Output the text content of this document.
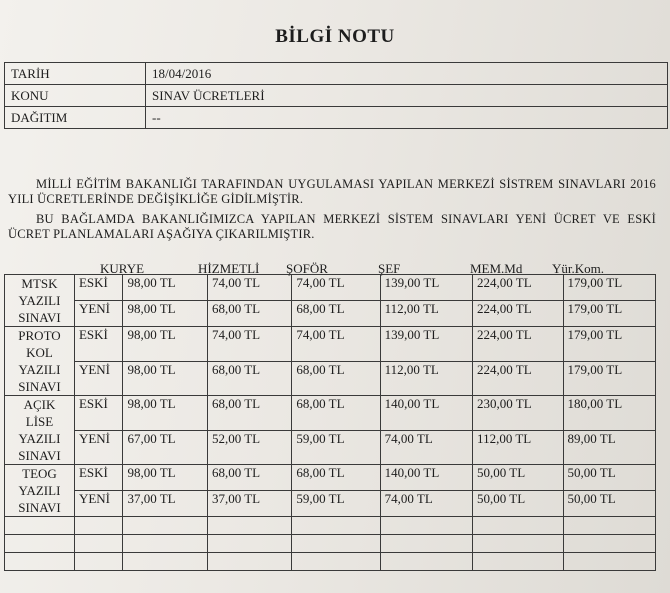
BİLGİ NOTU
TARİH	18/04/2016
KONU	SINAV ÜCRETLERİ
DAĞITIM	--
MİLLİ EĞİTİM BAKANLIĞI TARAFINDAN UYGULAMASI YAPILAN MERKEZİ SİSTREM SINAVLARI 2016 YILI ÜCRETLERİNDE DEĞİŞİKLİĞE GİDİLMİŞTİR.
BU BAĞLAMDA BAKANLIĞIMIZCA YAPILAN MERKEZİ SİSTEM SINAVLARI YENİ ÜCRET VE ESKİ ÜCRET PLANLAMALARI AŞAĞIYA ÇIKARILMIŞTIR.
KURYE	HİZMETLİ ŞOFÖR	ŞEF	MEM.Md Yür.Kom.
MTSK
YAZILI
SINAVI	ESKİ	98,00 TL	74,00 TL	74,00 TL	139,00 TL	224,00 TL	179,00 TL
	YENİ	98,00 TL	68,00 TL	68,00 TL	112,00 TL	224,00 TL	179,00 TL

PROTO
KOL
YAZILI
SINAVI	ESKİ	98,00 TL	74,00 TL	74,00 TL	139,00 TL	224,00 TL	179,00 TL
	YENİ	98,00 TL	68,00 TL	68,00 TL	112,00 TL	224,00 TL	179,00 TL

AÇIK
LİSE
YAZILI
SINAVI	ESKİ	98,00 TL	68,00 TL	68,00 TL	140,00 TL	230,00 TL	180,00 TL
	YENİ	67,00 TL	52,00 TL	59,00 TL	74,00 TL	112,00 TL	89,00 TL

TEOG
YAZILI
SINAVI	ESKİ	98,00 TL	68,00 TL	68,00 TL	140,00 TL	50,00 TL	50,00 TL
	YENİ	37,00 TL	37,00 TL	59,00 TL	74,00 TL	50,00 TL	50,00 TL
